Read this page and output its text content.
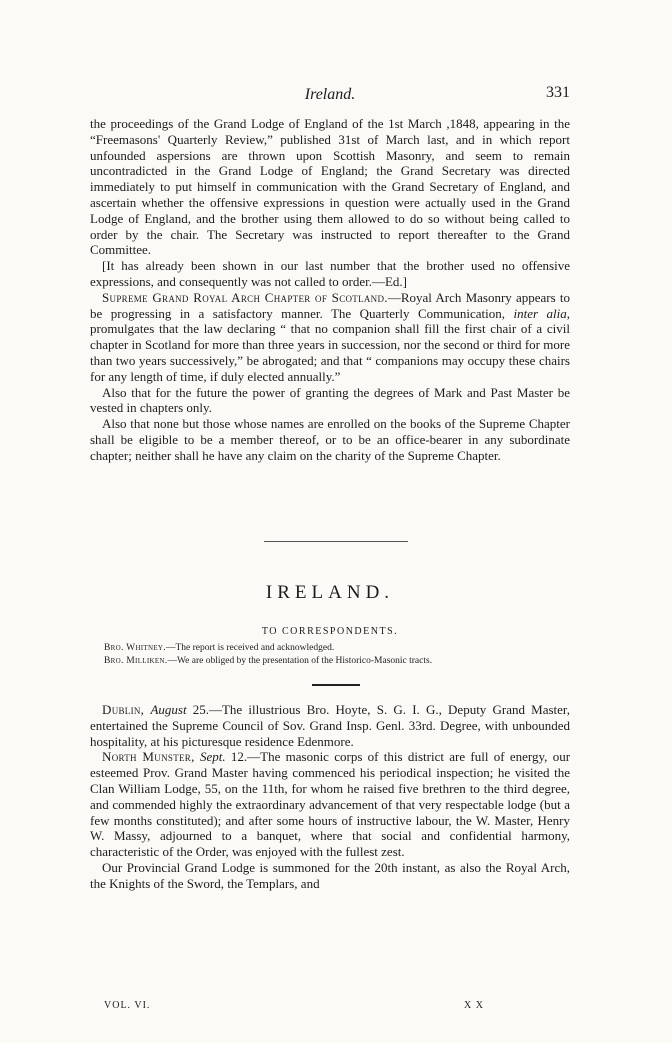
Ireland.	331

the proceedings of the Grand Lodge of England of the 1st March ,1848, appearing in the “Freemasons' Quarterly Review,” published 31st of March last, and in which report unfounded aspersions are thrown upon Scottish Masonry, and seem to remain uncontradicted in the Grand Lodge of England; the Grand Secretary was directed immediately to put himself in communication with the Grand Secretary of England, and ascertain whether the offensive expressions in question were actually used in the Grand Lodge of England, and the brother using them allowed to do so without being called to order by the chair. The Secretary was instructed to report thereafter to the Grand Committee.

[It has already been shown in our last number that the brother used no offensive expressions, and consequently was not called to order.—Ed.]

Supreme Grand Royal Arch Chapter of Scotland.—Royal Arch Masonry appears to be progressing in a satisfactory manner. The Quarterly Communication, inter alia, promulgates that the law declaring “ that no companion shall fill the first chair of a civil chapter in Scotland for more than three years in succession, nor the second or third for more than two years successively,” be abrogated; and that “ companions may occupy these chairs for any length of time, if duly elected annually.”

Also that for the future the power of granting the degrees of Mark and Past Master be vested in chapters only.

Also that none but those whose names are enrolled on the books of the Supreme Chapter shall be eligible to be a member thereof, or to be an office-bearer in any subordinate chapter; neither shall he have any claim on the charity of the Supreme Chapter.

IRELAND.
TO CORRESPONDENTS.
Bro. Whitney.—The report is received and acknowledged.
Bro. Milliken.—We are obliged by the presentation of the Historico-Masonic tracts.

Dublin, August 25.—The illustrious Bro. Hoyte, S. G. I. G., Deputy Grand Master, entertained the Supreme Council of Sov. Grand Insp. Genl. 33rd. Degree, with unbounded hospitality, at his picturesque residence Edenmore.

North Munster, Sept. 12.—The masonic corps of this district are full of energy, our esteemed Prov. Grand Master having commenced his periodical inspection; he visited the Clan William Lodge, 55, on the 11th, for whom he raised five brethren to the third degree, and commended highly the extraordinary advancement of that very respectable lodge (but a few months constituted); and after some hours of instructive labour, the W. Master, Henry W. Massy, adjourned to a banquet, where that social and confidential harmony, characteristic of the Order, was enjoyed with the fullest zest.

Our Provincial Grand Lodge is summoned for the 20th instant, as also the Royal Arch, the Knights of the Sword, the Templars, and

VOL. VI.	X X
